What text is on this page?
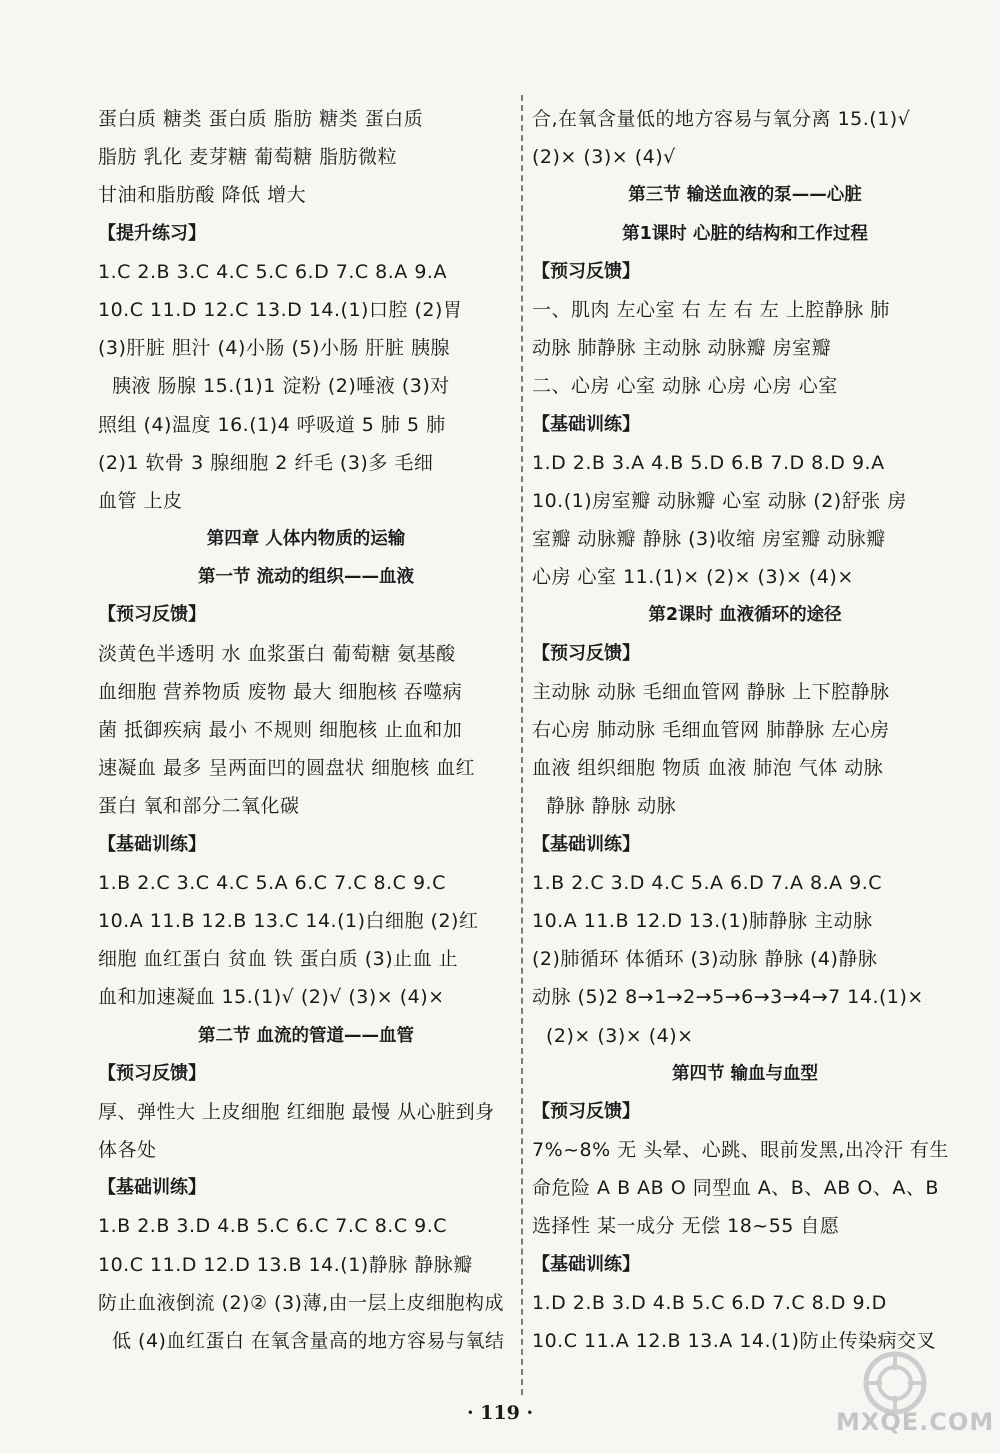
蛋白质 糖类 蛋白质 脂肪 糖类 蛋白质
脂肪 乳化 麦芽糖 葡萄糖 脂肪微粒
甘油和脂肪酸 降低 增大
【提升练习】
1.C 2.B 3.C 4.C 5.C 6.D 7.C 8.A 9.A
10.C 11.D 12.C 13.D 14.(1)口腔 (2)胃
(3)肝脏 胆汁 (4)小肠 (5)小肠 肝脏 胰腺
胰液 肠腺 15.(1)1 淀粉 (2)唾液 (3)对
照组 (4)温度 16.(1)4 呼吸道 5 肺 5 肺
(2)1 软骨 3 腺细胞 2 纤毛 (3)多 毛细
血管 上皮
第四章 人体内物质的运输
第一节 流动的组织——血液
【预习反馈】
淡黄色半透明 水 血浆蛋白 葡萄糖 氨基酸
血细胞 营养物质 废物 最大 细胞核 吞噬病
菌 抵御疾病 最小 不规则 细胞核 止血和加
速凝血 最多 呈两面凹的圆盘状 细胞核 血红
蛋白 氧和部分二氧化碳
【基础训练】
1.B 2.C 3.C 4.C 5.A 6.C 7.C 8.C 9.C
10.A 11.B 12.B 13.C 14.(1)白细胞 (2)红
细胞 血红蛋白 贫血 铁 蛋白质 (3)止血 止
血和加速凝血 15.(1)√ (2)√ (3)× (4)×
第二节 血流的管道——血管
【预习反馈】
厚、弹性大 上皮细胞 红细胞 最慢 从心脏到身
体各处
【基础训练】
1.B 2.B 3.D 4.B 5.C 6.C 7.C 8.C 9.C
10.C 11.D 12.D 13.B 14.(1)静脉 静脉瓣
防止血液倒流 (2)② (3)薄,由一层上皮细胞构成
低 (4)血红蛋白 在氧含量高的地方容易与氧结
合,在氧含量低的地方容易与氧分离 15.(1)√
(2)× (3)× (4)√
第三节 输送血液的泵——心脏
第1课时 心脏的结构和工作过程
【预习反馈】
一、肌肉 左心室 右 左 右 左 上腔静脉 肺
动脉 肺静脉 主动脉 动脉瓣 房室瓣
二、心房 心室 动脉 心房 心房 心室
【基础训练】
1.D 2.B 3.A 4.B 5.D 6.B 7.D 8.D 9.A
10.(1)房室瓣 动脉瓣 心室 动脉 (2)舒张 房
室瓣 动脉瓣 静脉 (3)收缩 房室瓣 动脉瓣
心房 心室 11.(1)× (2)× (3)× (4)×
第2课时 血液循环的途径
【预习反馈】
主动脉 动脉 毛细血管网 静脉 上下腔静脉
右心房 肺动脉 毛细血管网 肺静脉 左心房
血液 组织细胞 物质 血液 肺泡 气体 动脉
静脉 静脉 动脉
【基础训练】
1.B 2.C 3.D 4.C 5.A 6.D 7.A 8.A 9.C
10.A 11.B 12.D 13.(1)肺静脉 主动脉
(2)肺循环 体循环 (3)动脉 静脉 (4)静脉
动脉 (5)2 8→1→2→5→6→3→4→7 14.(1)×
(2)× (3)× (4)×
第四节 输血与血型
【预习反馈】
7%~8% 无 头晕、心跳、眼前发黑,出冷汗 有生
命危险 A B AB O 同型血 A、B、AB O、A、B
选择性 某一成分 无偿 18~55 自愿
【基础训练】
1.D 2.B 3.D 4.B 5.C 6.D 7.C 8.D 9.D
10.C 11.A 12.B 13.A 14.(1)防止传染病交叉
· 119 ·	MXQE.COM
